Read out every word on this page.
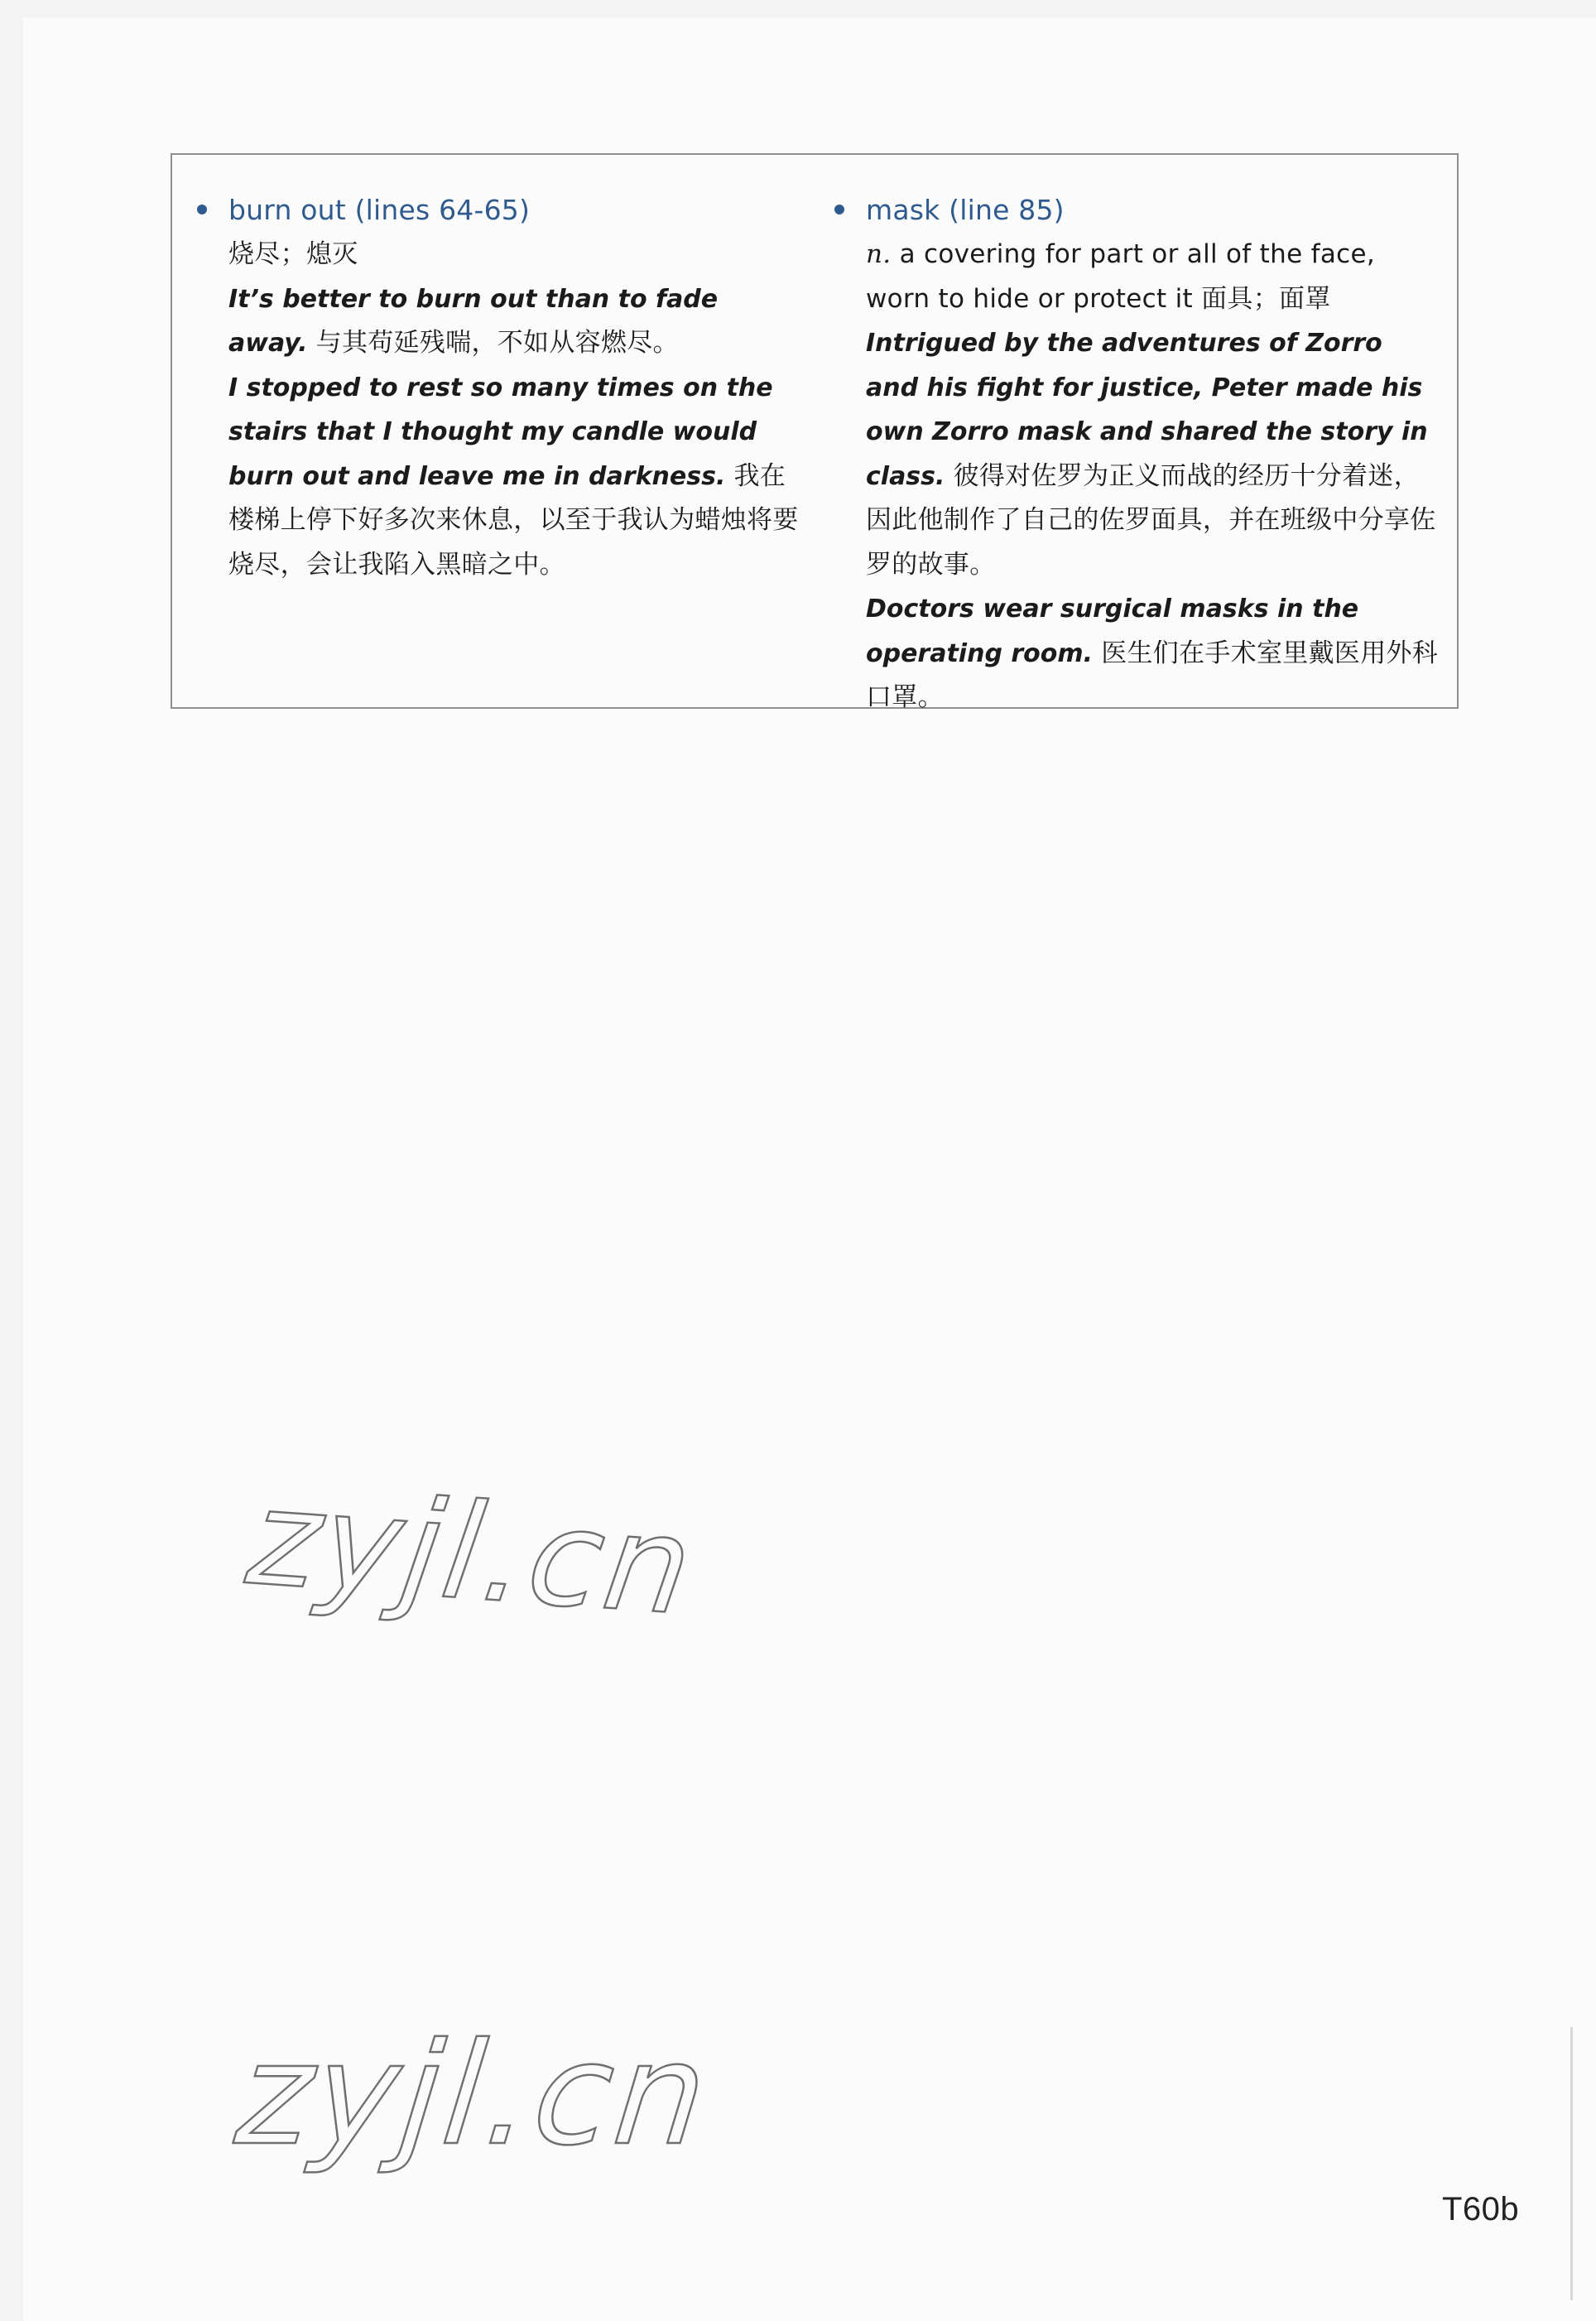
burn out (lines 64-65)

烧尽；熄灭

It’s better to burn out than to fade away. 与其苟延残喘，不如从容燃尽。

I stopped to rest so many times on the stairs that I thought my candle would burn out and leave me in darkness. 我在楼梯上停下好多次来休息，以至于我认为蜡烛将要烧尽，会让我陷入黑暗之中。

mask (line 85)

n. a covering for part or all of the face, worn to hide or protect it 面具；面罩

Intrigued by the adventures of Zorro and his fight for justice, Peter made his own Zorro mask and shared the story in class. 彼得对佐罗为正义而战的经历十分着迷，因此他制作了自己的佐罗面具，并在班级中分享佐罗的故事。

Doctors wear surgical masks in the operating room. 医生们在手术室里戴医用外科口罩。

zyjl.cn
zyjl.cn
T60b
